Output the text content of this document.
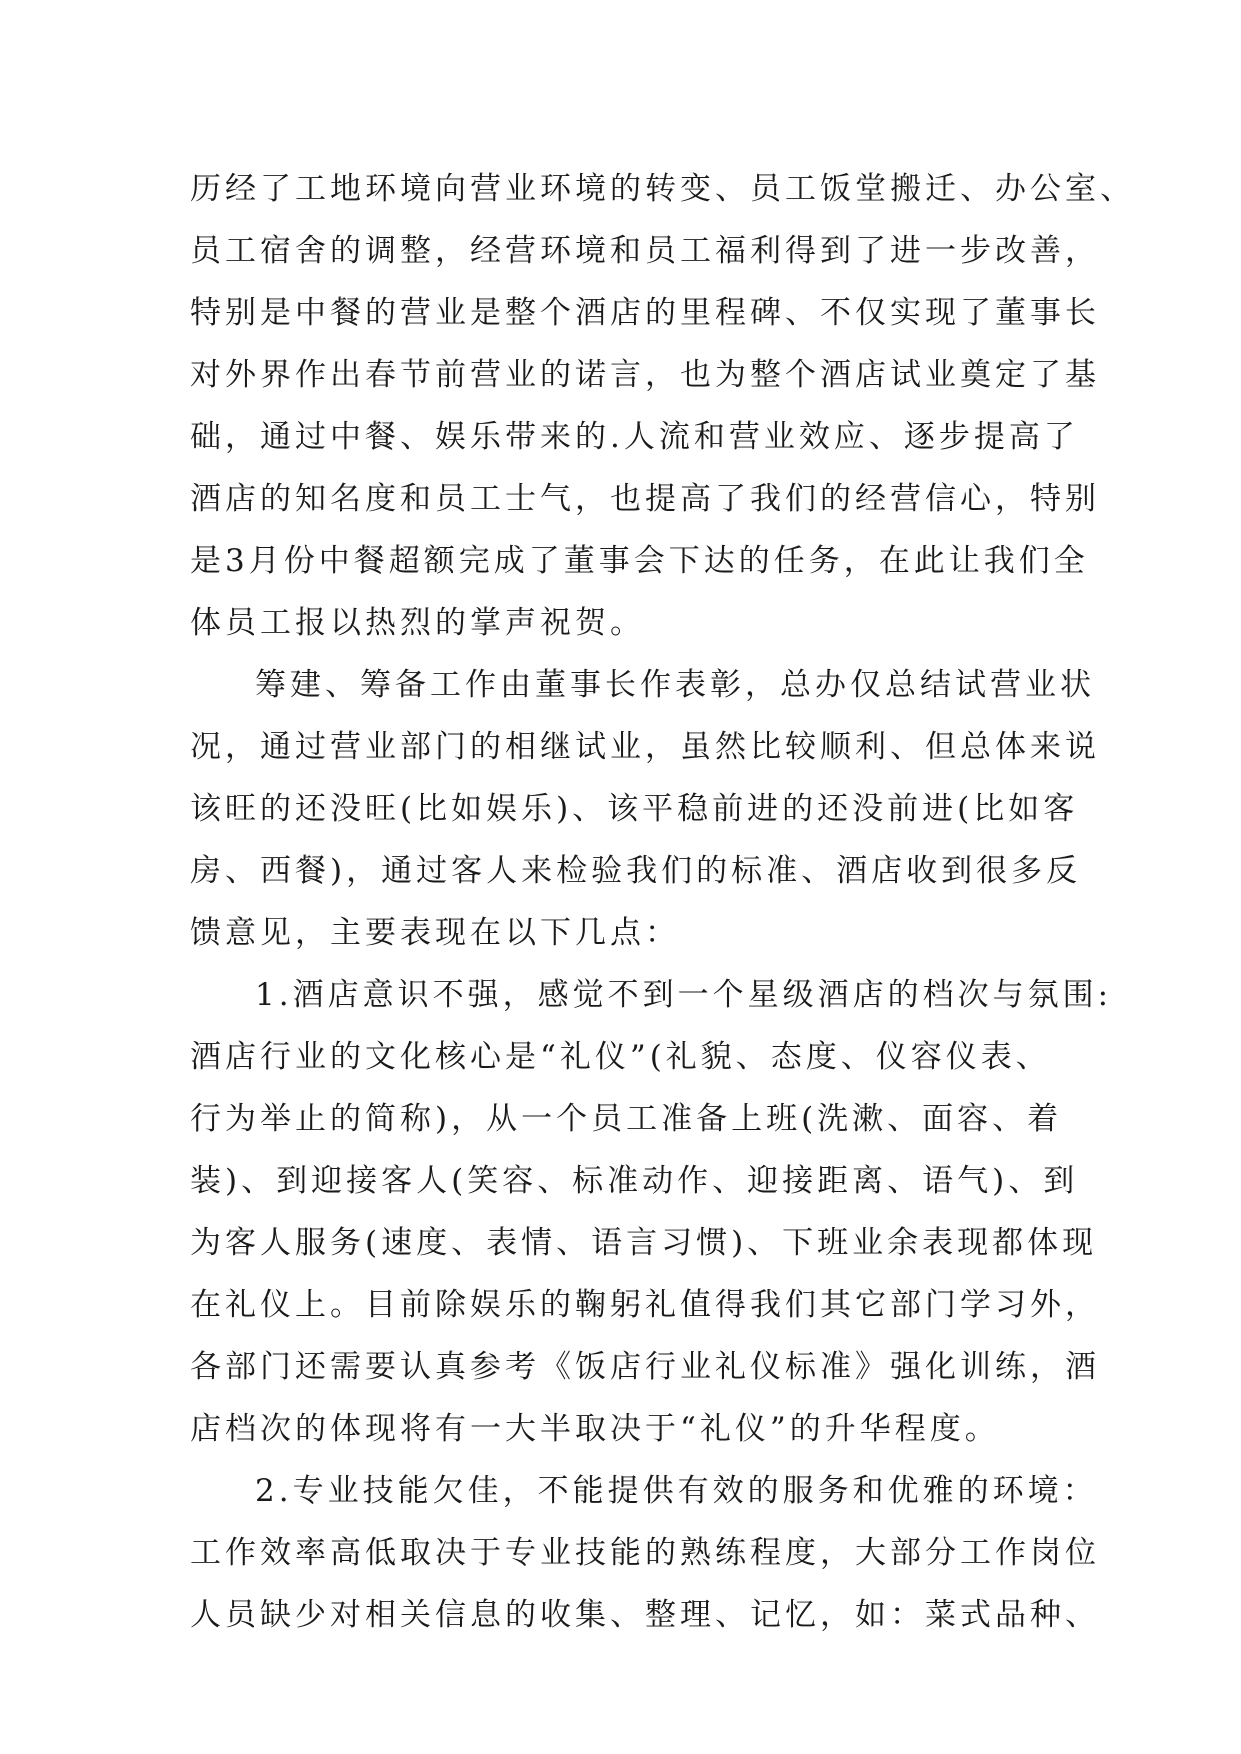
历经了工地环境向营业环境的转变、员工饭堂搬迁、办公室、
员工宿舍的调整，经营环境和员工福利得到了进一步改善，
特别是中餐的营业是整个酒店的里程碑、不仅实现了董事长
对外界作出春节前营业的诺言，也为整个酒店试业奠定了基
础，通过中餐、娱乐带来的.人流和营业效应、逐步提高了
酒店的知名度和员工士气，也提高了我们的经营信心，特别
是3月份中餐超额完成了董事会下达的任务，在此让我们全
体员工报以热烈的掌声祝贺。
筹建、筹备工作由董事长作表彰，总办仅总结试营业状
况，通过营业部门的相继试业，虽然比较顺利、但总体来说
该旺的还没旺(比如娱乐)、该平稳前进的还没前进(比如客
房、西餐)，通过客人来检验我们的标准、酒店收到很多反
馈意见，主要表现在以下几点：
1.酒店意识不强，感觉不到一个星级酒店的档次与氛围:
酒店行业的文化核心是“礼仪”(礼貌、态度、仪容仪表、
行为举止的简称)，从一个员工准备上班(洗漱、面容、着
装)、到迎接客人(笑容、标准动作、迎接距离、语气)、到
为客人服务(速度、表情、语言习惯)、下班业余表现都体现
在礼仪上。目前除娱乐的鞠躬礼值得我们其它部门学习外，
各部门还需要认真参考《饭店行业礼仪标准》强化训练，酒
店档次的体现将有一大半取决于“礼仪”的升华程度。
2.专业技能欠佳，不能提供有效的服务和优雅的环境：
工作效率高低取决于专业技能的熟练程度，大部分工作岗位
人员缺少对相关信息的收集、整理、记忆，如：菜式品种、
